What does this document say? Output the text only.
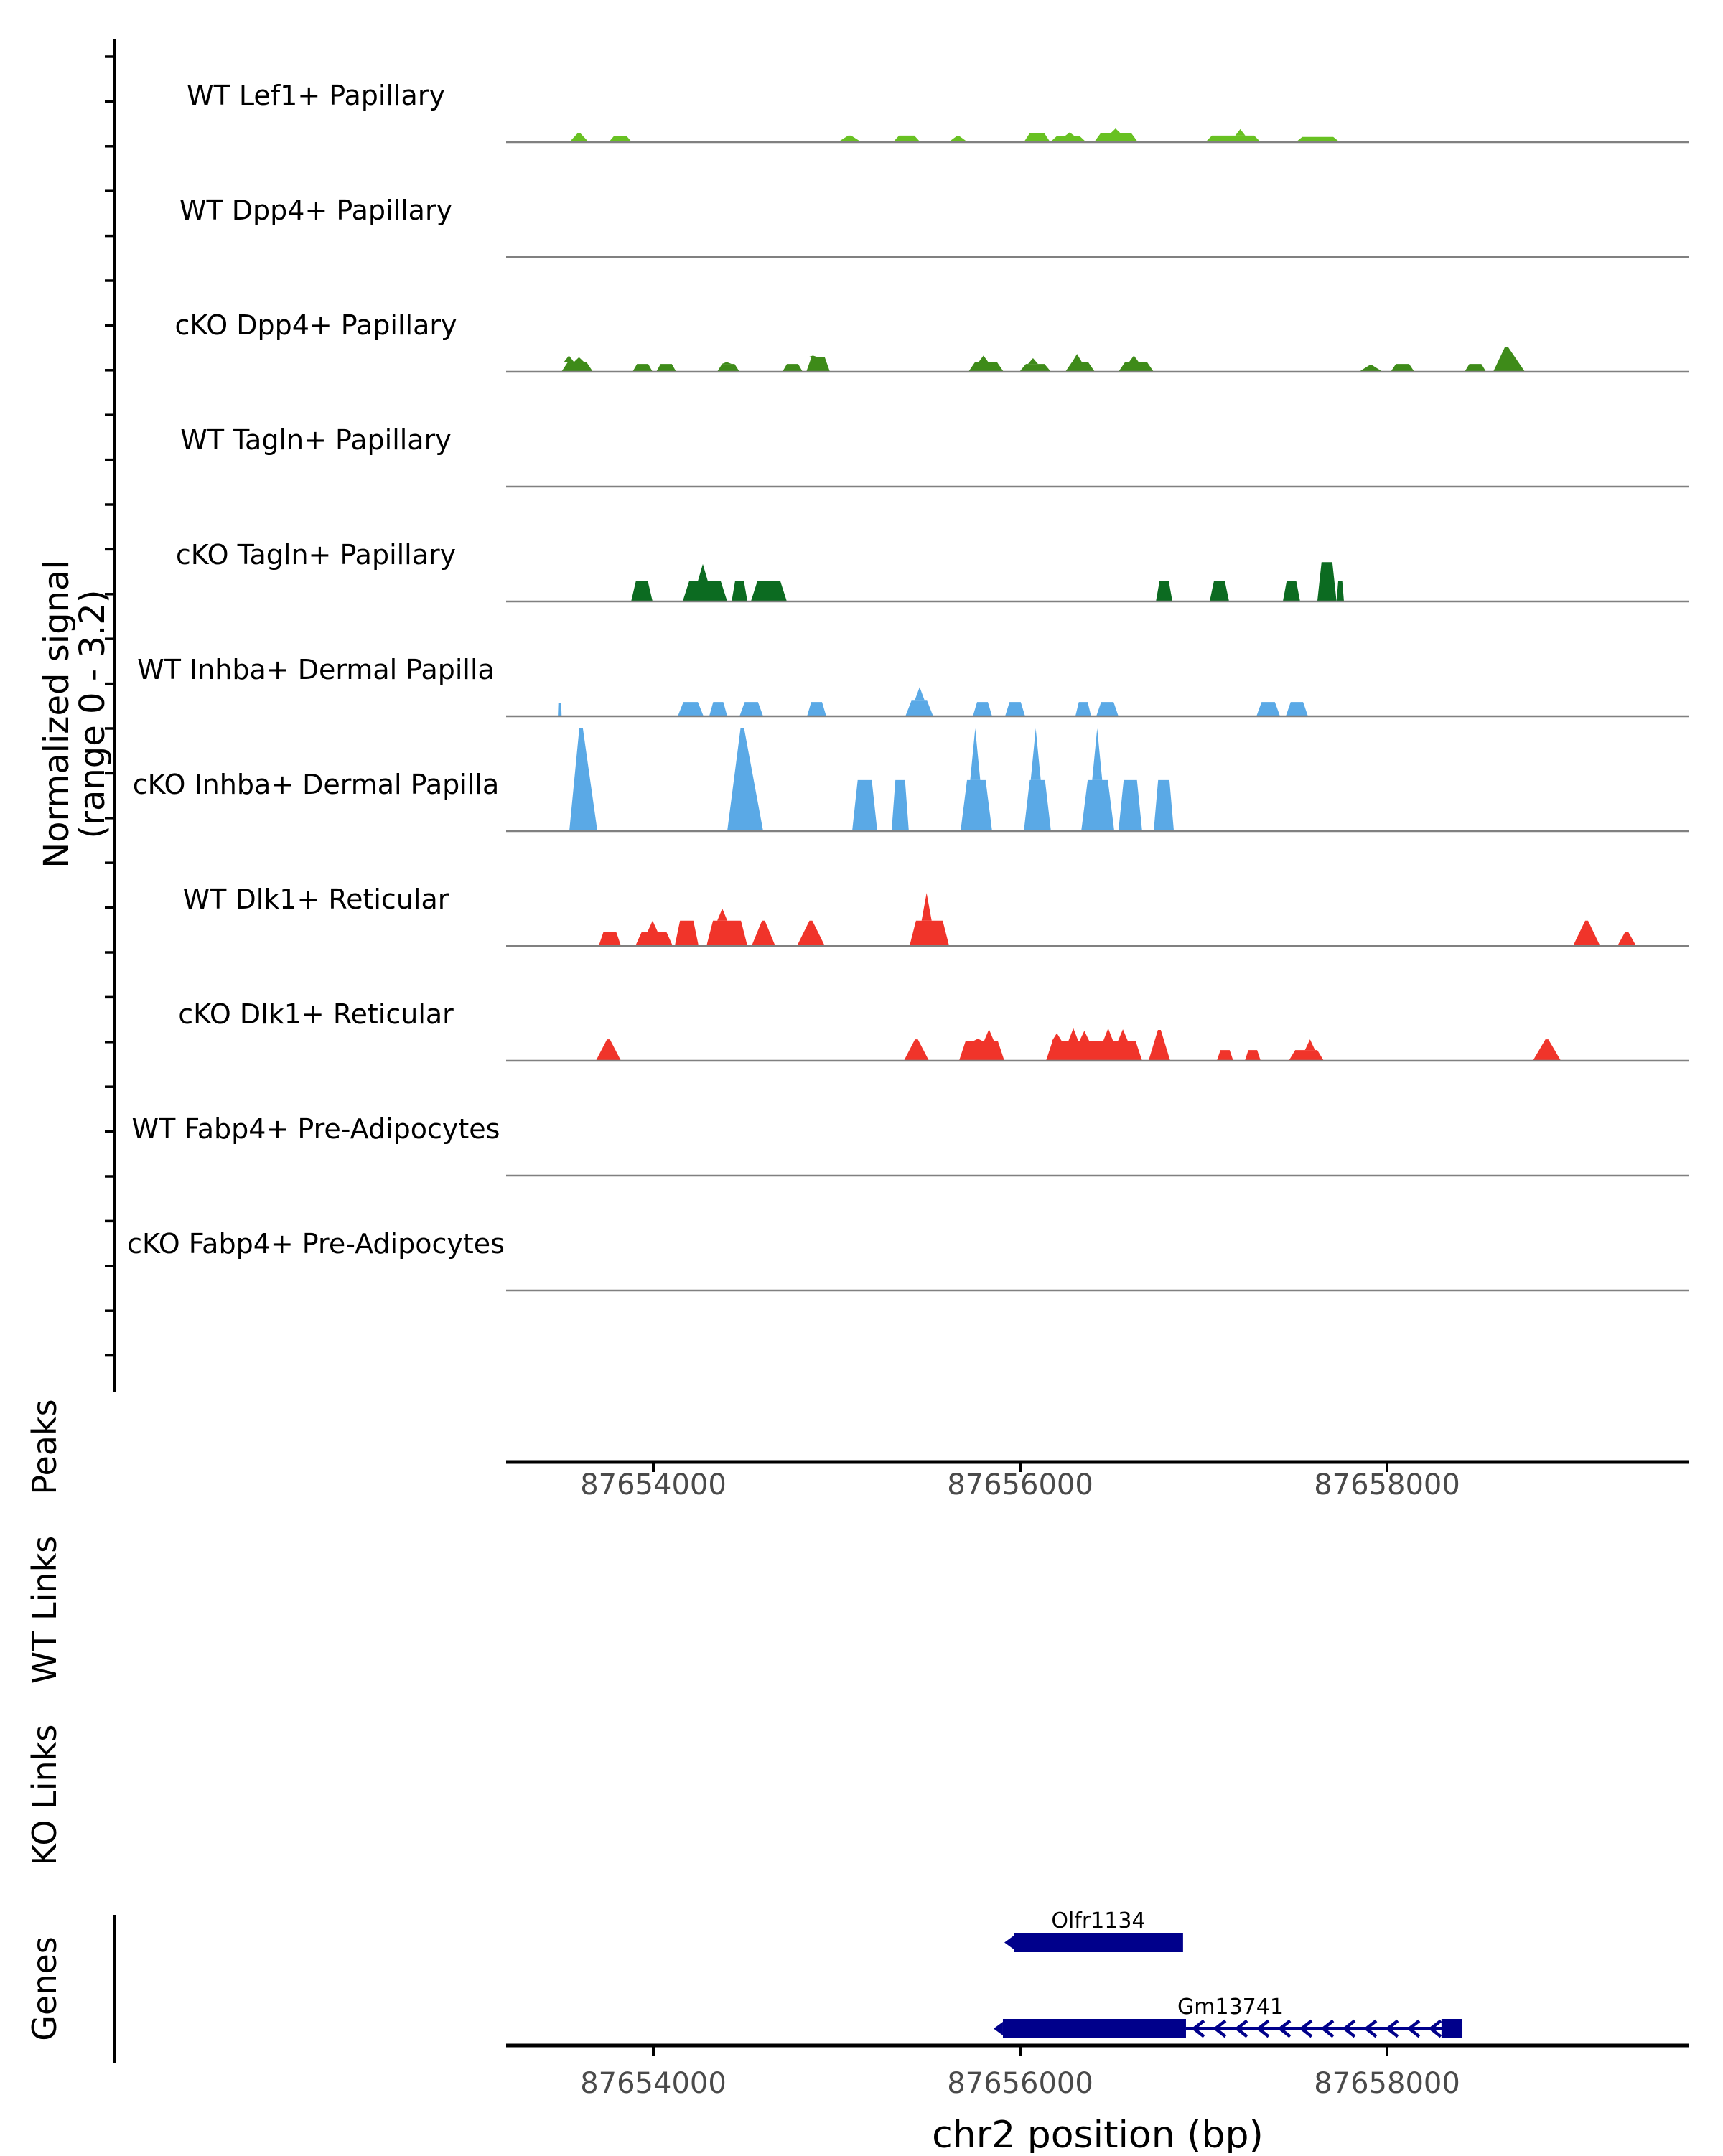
Normalized signal
(range 0 - 3.2)
WT Lef1+ Papillary
WT Dpp4+ Papillary
cKO Dpp4+ Papillary
WT Tagln+ Papillary
cKO Tagln+ Papillary
WT Inhba+ Dermal Papilla
cKO Inhba+ Dermal Papilla
WT Dlk1+ Reticular
cKO Dlk1+ Reticular
WT Fabp4+ Pre-Adipocytes
cKO Fabp4+ Pre-Adipocytes
Peaks	87654000	87656000	87658000
WT Links
KO Links
Genes
Olfr1134
Gm13741
87654000	87656000	87658000
chr2 position (bp)
